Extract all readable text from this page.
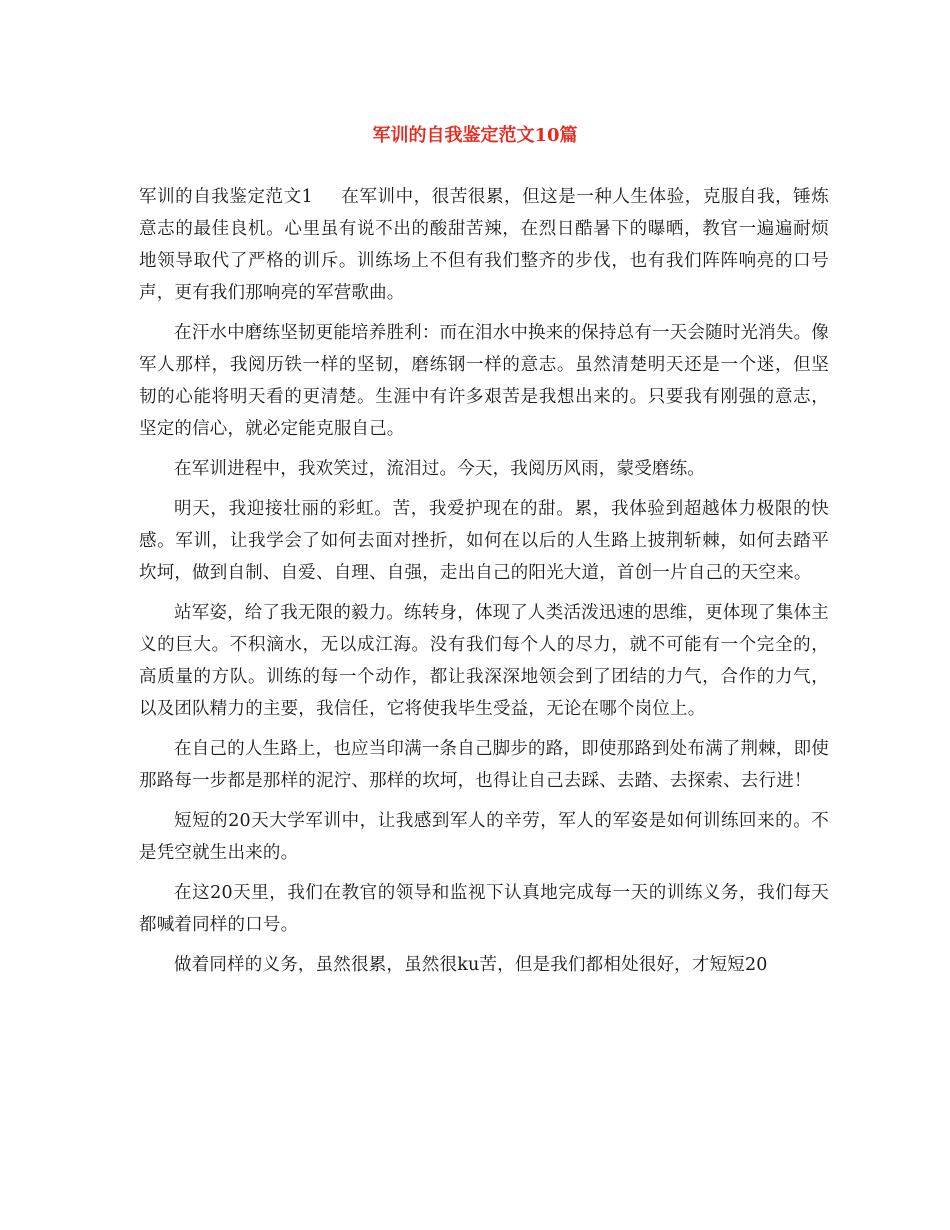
军训的自我鉴定范文10篇

军训的自我鉴定范文1 在军训中，很苦很累，但这是一种人生体验，克服自我，锤炼意志的最佳良机。心里虽有说不出的酸甜苦辣，在烈日酷暑下的曝晒，教官一遍遍耐烦地领导取代了严格的训斥。训练场上不但有我们整齐的步伐，也有我们阵阵响亮的口号声，更有我们那响亮的军营歌曲。

在汗水中磨练坚韧更能培养胜利：而在泪水中换来的保持总有一天会随时光消失。像军人那样，我阅历铁一样的坚韧，磨练钢一样的意志。虽然清楚明天还是一个迷，但坚韧的心能将明天看的更清楚。生涯中有许多艰苦是我想出来的。只要我有刚强的意志，坚定的信心，就必定能克服自己。

在军训进程中，我欢笑过，流泪过。今天，我阅历风雨，蒙受磨练。

明天，我迎接壮丽的彩虹。苦，我爱护现在的甜。累，我体验到超越体力极限的快感。军训，让我学会了如何去面对挫折，如何在以后的人生路上披荆斩棘，如何去踏平坎坷，做到自制、自爱、自理、自强，走出自己的阳光大道，首创一片自己的天空来。

站军姿，给了我无限的毅力。练转身，体现了人类活泼迅速的思维，更体现了集体主义的巨大。不积滴水，无以成江海。没有我们每个人的尽力，就不可能有一个完全的，高质量的方队。训练的每一个动作，都让我深深地领会到了团结的力气，合作的力气，以及团队精力的主要，我信任，它将使我毕生受益，无论在哪个岗位上。

在自己的人生路上，也应当印满一条自己脚步的路，即使那路到处布满了荆棘，即使那路每一步都是那样的泥泞、那样的坎坷，也得让自己去踩、去踏、去探索、去行进！

短短的20天大学军训中，让我感到军人的辛劳，军人的军姿是如何训练回来的。不是凭空就生出来的。

在这20天里，我们在教官的领导和监视下认真地完成每一天的训练义务，我们每天都喊着同样的口号。

做着同样的义务，虽然很累，虽然很ku苦，但是我们都相处很好，才短短20
